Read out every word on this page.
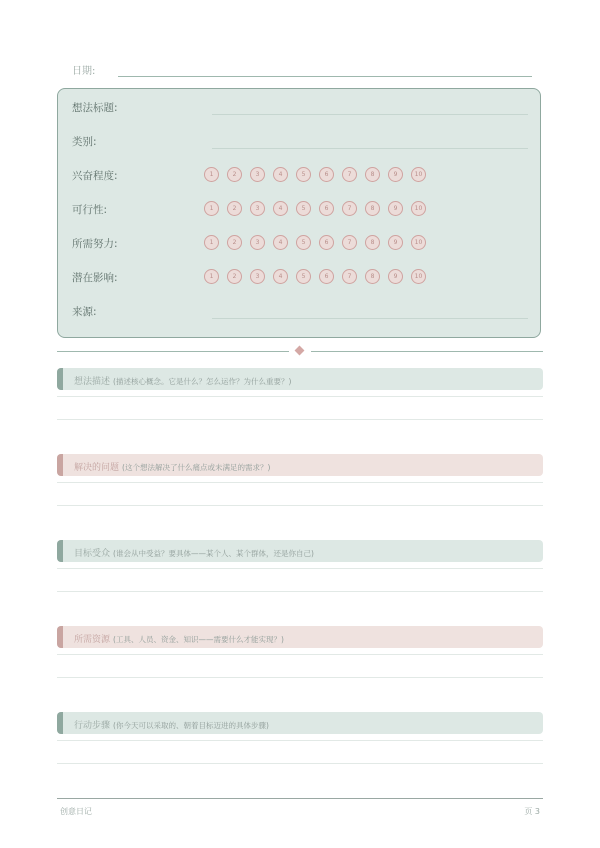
日期:
想法标题:
类别:
兴奋程度:	1	2	3	4	5	6	7	8	9	10
可行性:	1	2	3	4	5	6	7	8	9	10
所需努力:	1	2	3	4	5	6	7	8	9	10
潜在影响:	1	2	3	4	5	6	7	8	9	10
来源:
想法描述 (描述核心概念。它是什么？怎么运作？为什么重要？)
解决的问题 (这个想法解决了什么痛点或未满足的需求？)
目标受众 (谁会从中受益？要具体——某个人、某个群体，还是你自己)
所需资源 (工具、人员、资金、知识——需要什么才能实现？)
行动步骤 (你今天可以采取的、朝着目标迈进的具体步骤)
创意日记	页 3
